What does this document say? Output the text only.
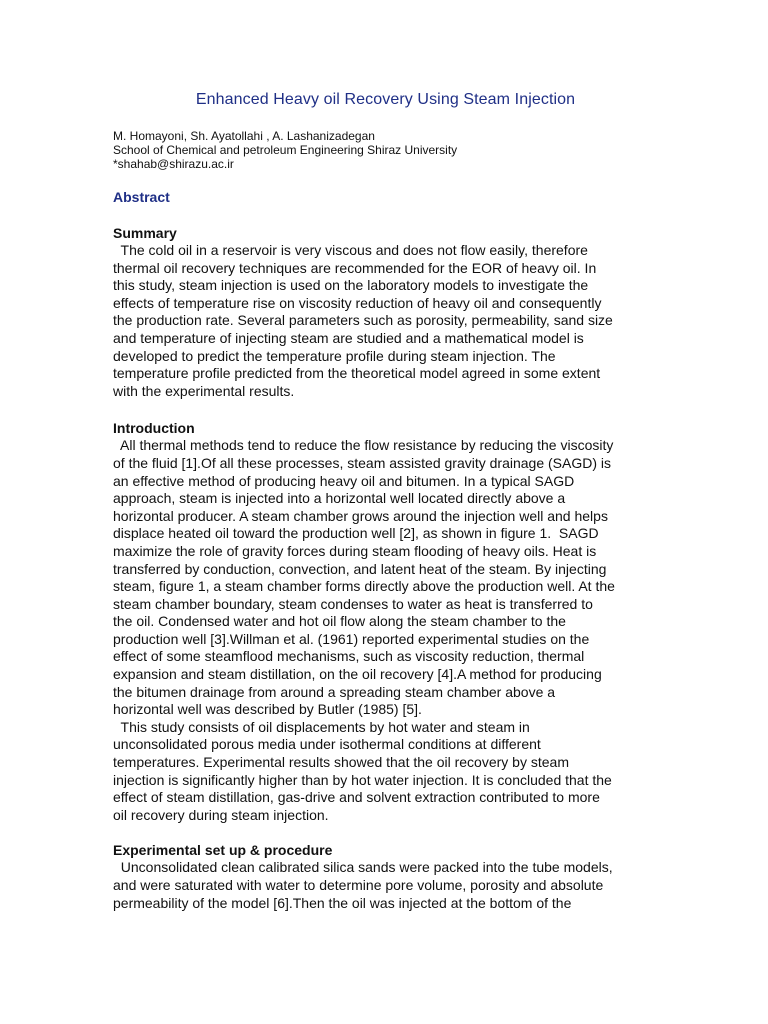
Enhanced Heavy oil Recovery Using Steam Injection
M. Homayoni, Sh. Ayatollahi , A. Lashanizadegan
School of Chemical and petroleum Engineering Shiraz University
*shahab@shirazu.ac.ir
Abstract
Summary
The cold oil in a reservoir is very viscous and does not flow easily, therefore
thermal oil recovery techniques are recommended for the EOR of heavy oil. In
this study, steam injection is used on the laboratory models to investigate the
effects of temperature rise on viscosity reduction of heavy oil and consequently
the production rate. Several parameters such as porosity, permeability, sand size
and temperature of injecting steam are studied and a mathematical model is
developed to predict the temperature profile during steam injection. The
temperature profile predicted from the theoretical model agreed in some extent
with the experimental results.
Introduction
All thermal methods tend to reduce the flow resistance by reducing the viscosity
of the fluid [1].Of all these processes, steam assisted gravity drainage (SAGD) is
an effective method of producing heavy oil and bitumen. In a typical SAGD
approach, steam is injected into a horizontal well located directly above a
horizontal producer. A steam chamber grows around the injection well and helps
displace heated oil toward the production well [2], as shown in figure 1.  SAGD
maximize the role of gravity forces during steam flooding of heavy oils. Heat is
transferred by conduction, convection, and latent heat of the steam. By injecting
steam, figure 1, a steam chamber forms directly above the production well. At the
steam chamber boundary, steam condenses to water as heat is transferred to
the oil. Condensed water and hot oil flow along the steam chamber to the
production well [3].Willman et al. (1961) reported experimental studies on the
effect of some steamflood mechanisms, such as viscosity reduction, thermal
expansion and steam distillation, on the oil recovery [4].A method for producing
the bitumen drainage from around a spreading steam chamber above a
horizontal well was described by Butler (1985) [5].
This study consists of oil displacements by hot water and steam in
unconsolidated porous media under isothermal conditions at different
temperatures. Experimental results showed that the oil recovery by steam
injection is significantly higher than by hot water injection. It is concluded that the
effect of steam distillation, gas-drive and solvent extraction contributed to more
oil recovery during steam injection.
Experimental set up & procedure
Unconsolidated clean calibrated silica sands were packed into the tube models,
and were saturated with water to determine pore volume, porosity and absolute
permeability of the model [6].Then the oil was injected at the bottom of the
